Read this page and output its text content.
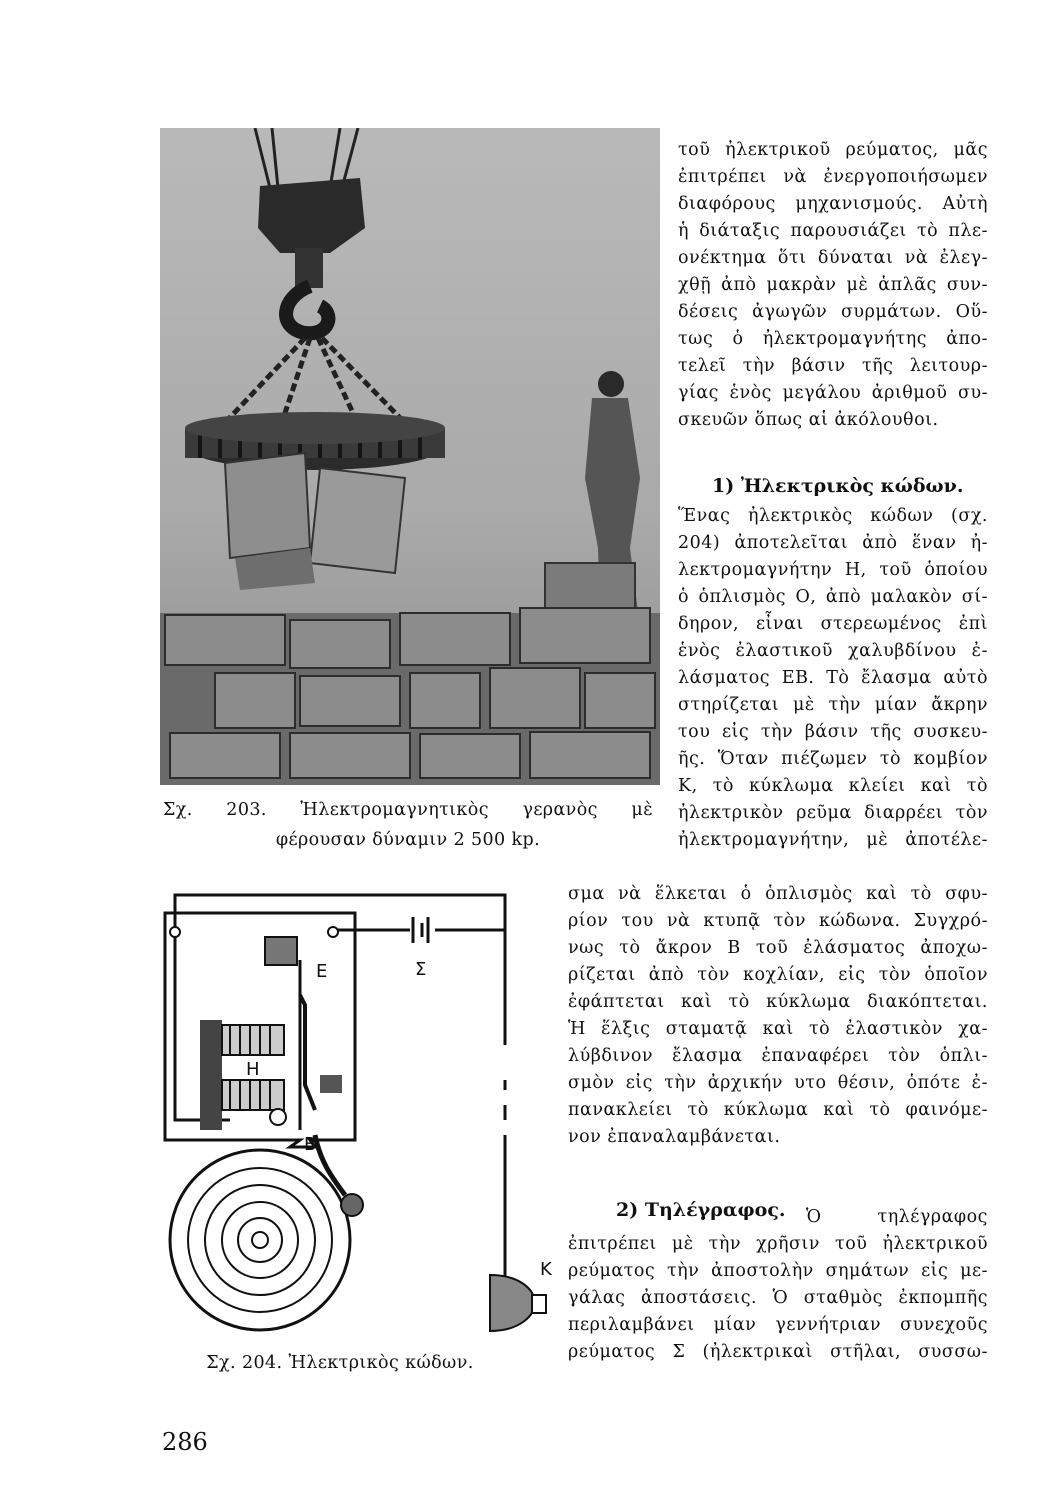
Σχ. 203. Ἠλεκτρομαγνητικὸς γερανὸς μὲ
φέρουσαν δύναμιν 2 500 kp.

τοῦ ἠλεκτρικοῦ ρεύματος, μᾶς

ἐπιτρέπει νὰ ἐνεργοποιήσωμεν

διαφόρους μηχανισμούς. Αὐτὴ

ἡ διάταξις παρουσιάζει τὸ πλε-

ονέκτημα ὅτι δύναται νὰ ἐλεγ-

χθῇ ἀπὸ μακρὰν μὲ ἁπλᾶς συν-

δέσεις ἀγωγῶν συρμάτων. Οὕ-

τως ὁ ἠλεκτρομαγνήτης ἀπο-

τελεῖ τὴν βάσιν τῆς λειτουρ-

γίας ἑνὸς μεγάλου ἀριθμοῦ συ-

σκευῶν ὅπως αἱ ἀκόλουθοι.

1) Ἠλεκτρικὸς κώδων.

Ἕνας ἠλεκτρικὸς κώδων (σχ.

204) ἀποτελεῖται ἀπὸ ἕναν ἠ-

λεκτρομαγνήτην Η, τοῦ ὁποίου

ὁ ὁπλισμὸς Ο, ἀπὸ μαλακὸν σί-

δηρον, εἶναι στερεωμένος ἐπὶ

ἑνὸς ἐλαστικοῦ χαλυβδίνου ἐ-

λάσματος ΕΒ. Τὸ ἔλασμα αὐτὸ

στηρίζεται μὲ τὴν μίαν ἄκρην

του εἰς τὴν βάσιν τῆς συσκευ-

ῆς. Ὅταν πιέζωμεν τὸ κομβίον

Κ, τὸ κύκλωμα κλείει καὶ τὸ

ἠλεκτρικὸν ρεῦμα διαρρέει τὸν

ἠλεκτρομαγνήτην, μὲ ἀποτέλε-

σμα νὰ ἕλκεται ὁ ὁπλισμὸς καὶ τὸ σφυ-

ρίον του νὰ κτυπᾷ τὸν κώδωνα. Συγχρό-

νως τὸ ἄκρον Β τοῦ ἐλάσματος ἀποχω-

ρίζεται ἀπὸ τὸν κοχλίαν, εἰς τὸν ὁποῖον

ἐφάπτεται καὶ τὸ κύκλωμα διακόπτεται.

Ἡ ἕλξις σταματᾷ καὶ τὸ ἐλαστικὸν χα-

λύβδινον ἔλασμα ἐπαναφέρει τὸν ὁπλι-

σμὸν εἰς τὴν ἀρχικήν υτο θέσιν, ὁπότε ἐ-

πανακλείει τὸ κύκλωμα καὶ τὸ φαινόμε-

νον ἐπαναλαμβάνεται.

Ε	Σ
Η
Β
Κ

Σχ. 204. Ἠλεκτρικὸς κώδων.

2) Τηλέγραφος. Ὁ τηλέγραφος

ἐπιτρέπει μὲ τὴν χρῆσιν τοῦ ἠλεκτρικοῦ

ρεύματος τὴν ἀποστολὴν σημάτων εἰς με-

γάλας ἀποστάσεις. Ὁ σταθμὸς ἐκπομπῆς

περιλαμβάνει μίαν γεννήτριαν συνεχοῦς

ρεύματος Σ (ἠλεκτρικαὶ στῆλαι, συσσω-

286
